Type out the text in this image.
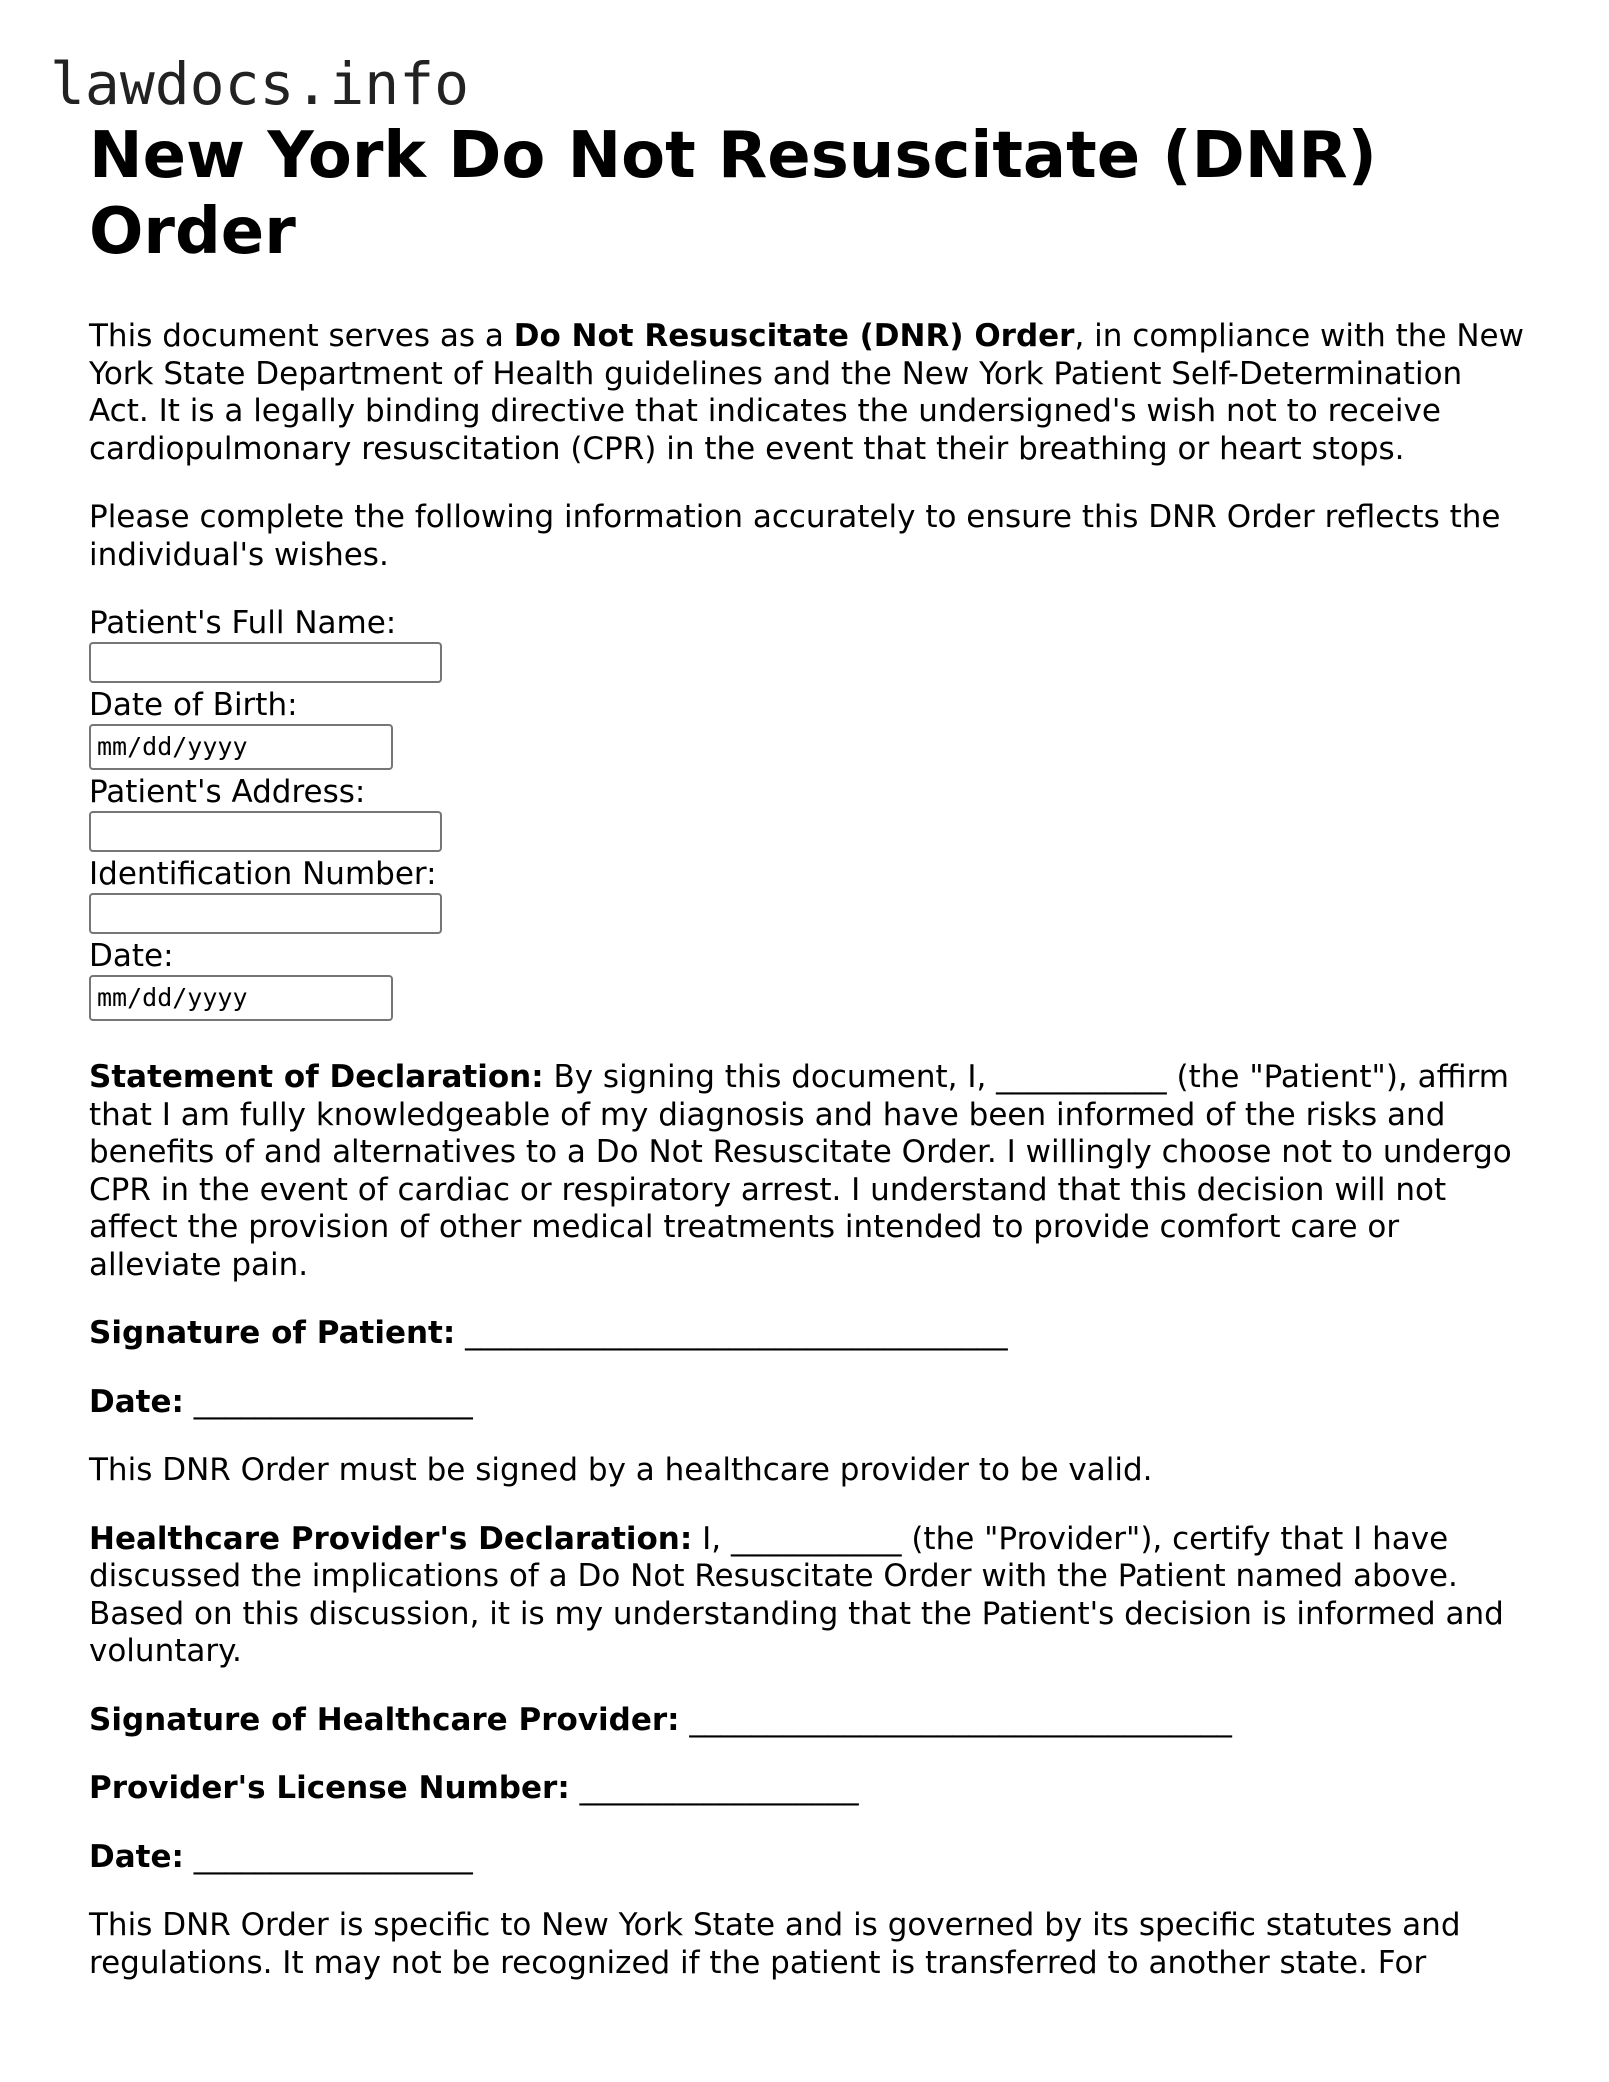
lawdocs.info
New York Do Not Resuscitate (DNR) Order

This document serves as a Do Not Resuscitate (DNR) Order, in compliance with the New York State Department of Health guidelines and the New York Patient Self-Determination Act. It is a legally binding directive that indicates the undersigned's wish not to receive cardiopulmonary resuscitation (CPR) in the event that their breathing or heart stops.

Please complete the following information accurately to ensure this DNR Order reflects the individual's wishes.

Patient's Full Name:
Date of Birth:
mm/dd/yyyy
Patient's Address:
Identification Number:
Date:
mm/dd/yyyy

Statement of Declaration: By signing this document, I, ___________ (the "Patient"), affirm that I am fully knowledgeable of my diagnosis and have been informed of the risks and benefits of and alternatives to a Do Not Resuscitate Order. I willingly choose not to undergo CPR in the event of cardiac or respiratory arrest. I understand that this decision will not affect the provision of other medical treatments intended to provide comfort care or alleviate pain.

Signature of Patient: ___________________________________
Date: __________________

This DNR Order must be signed by a healthcare provider to be valid.

Healthcare Provider's Declaration: I, ___________ (the "Provider"), certify that I have discussed the implications of a Do Not Resuscitate Order with the Patient named above. Based on this discussion, it is my understanding that the Patient's decision is informed and voluntary.

Signature of Healthcare Provider: ___________________________________
Provider's License Number: __________________
Date: __________________

This DNR Order is specific to New York State and is governed by its specific statutes and regulations. It may not be recognized if the patient is transferred to another state. For
